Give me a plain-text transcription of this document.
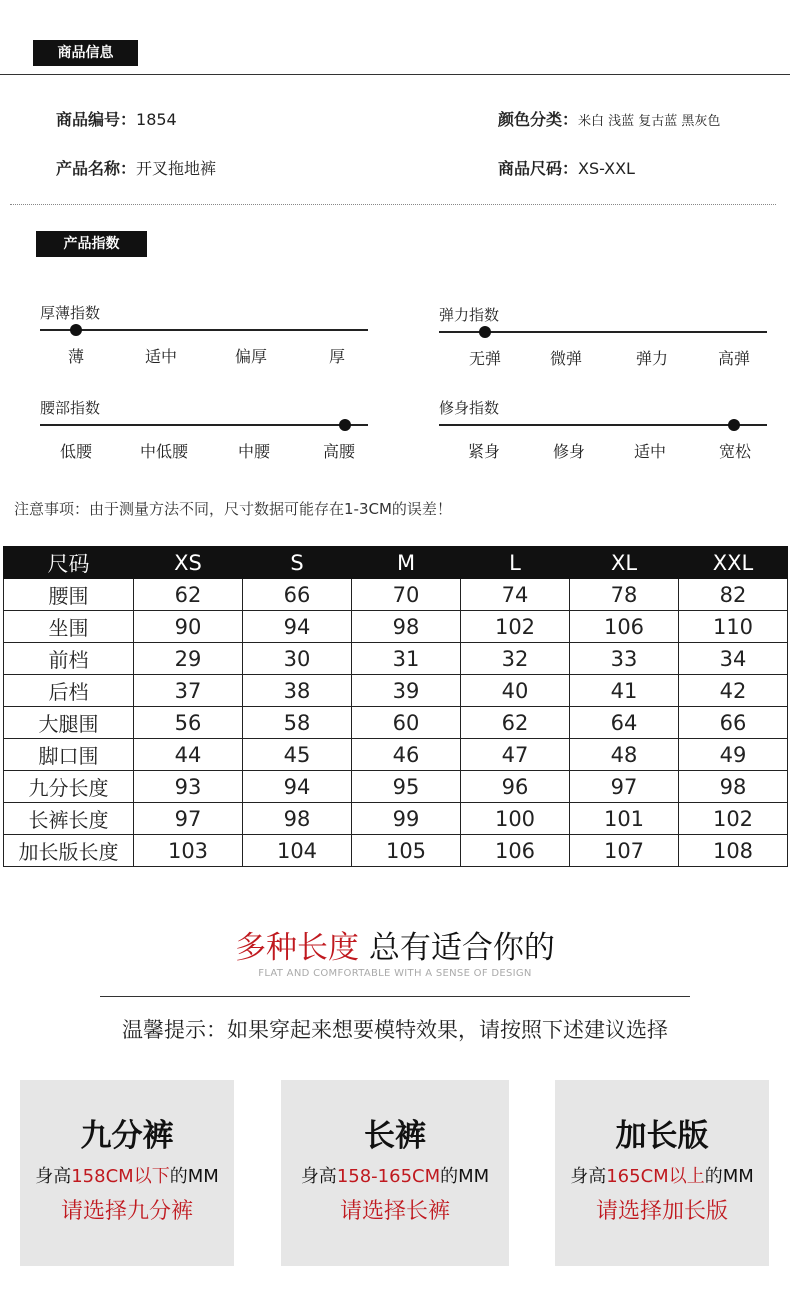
商品信息
商品编号：1854
产品名称：开叉拖地裤
颜色分类：米白 浅蓝 复古蓝 黑灰色
商品尺码：XS-XXL
产品指数
厚薄指数
薄	适中	偏厚	厚
弹力指数
无弹	微弹	弹力	高弹
腰部指数
低腰	中低腰	中腰	高腰
修身指数
紧身	修身	适中	宽松
注意事项：由于测量方法不同，尺寸数据可能存在1-3CM的误差！
尺码	XS	S	M	L	XL	XXL
腰围	62	66	70	74	78	82
坐围	90	94	98	102	106	110
前档	29	30	31	32	33	34
后档	37	38	39	40	41	42
大腿围	56	58	60	62	64	66
脚口围	44	45	46	47	48	49
九分长度	93	94	95	96	97	98
长裤长度	97	98	99	100	101	102
加长版长度	103	104	105	106	107	108
多种长度 总有适合你的
FLAT AND COMFORTABLE WITH A SENSE OF DESIGN
温馨提示：如果穿起来想要模特效果，请按照下述建议选择
九分裤
身高158CM以下的MM
请选择九分裤
长裤
身高158-165CM的MM
请选择长裤
加长版
身高165CM以上的MM
请选择加长版
